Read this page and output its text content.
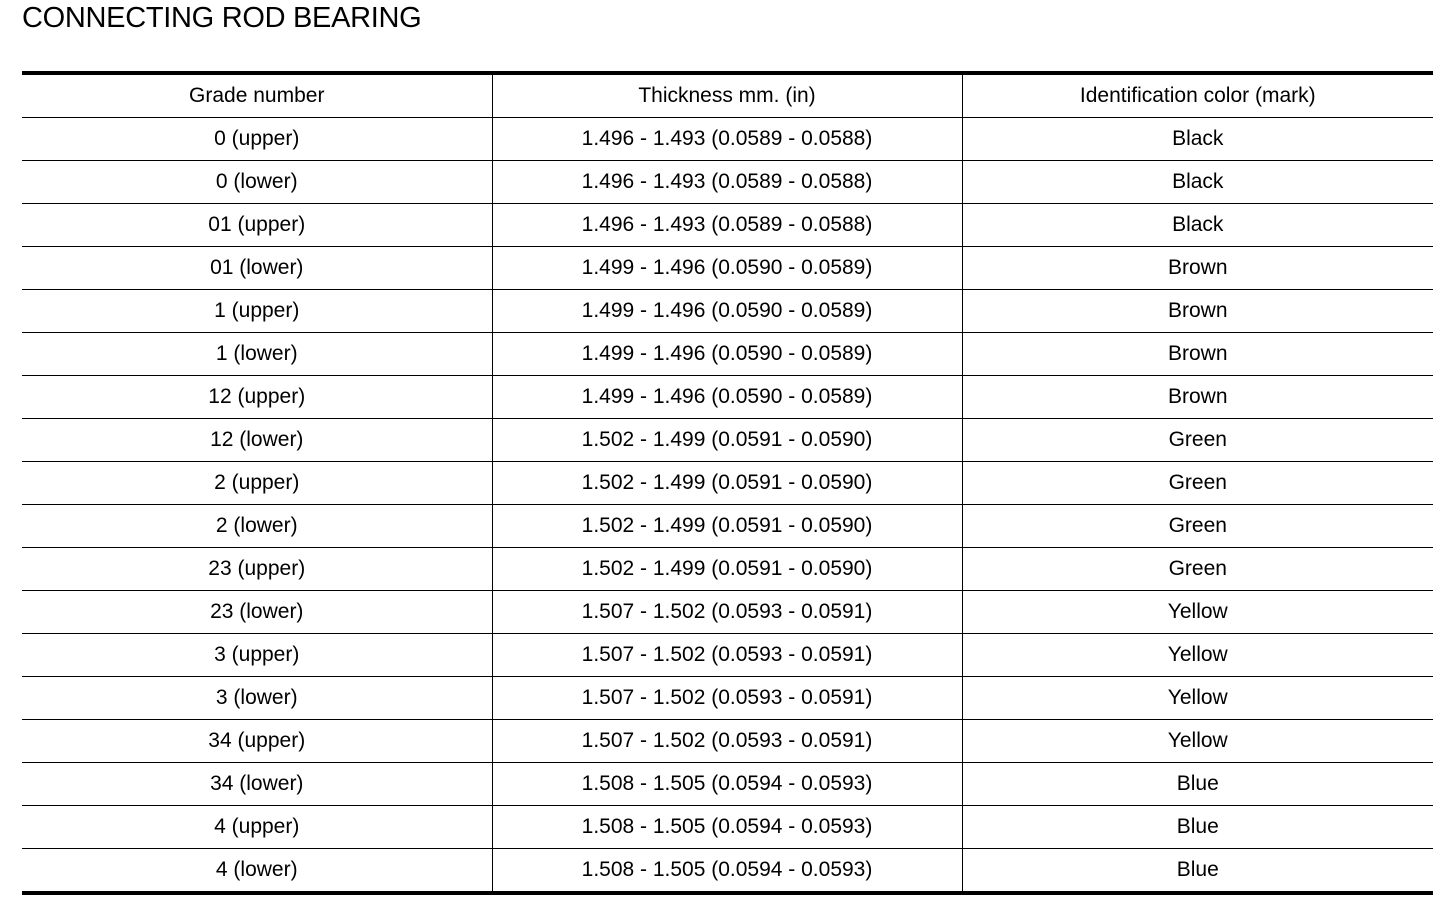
CONNECTING ROD BEARING
Grade number	Thickness mm. (in)	Identification color (mark)
0 (upper)	1.496 - 1.493 (0.0589 - 0.0588)	Black
0 (lower)	1.496 - 1.493 (0.0589 - 0.0588)	Black
01 (upper)	1.496 - 1.493 (0.0589 - 0.0588)	Black
01 (lower)	1.499 - 1.496 (0.0590 - 0.0589)	Brown
1 (upper)	1.499 - 1.496 (0.0590 - 0.0589)	Brown
1 (lower)	1.499 - 1.496 (0.0590 - 0.0589)	Brown
12 (upper)	1.499 - 1.496 (0.0590 - 0.0589)	Brown
12 (lower)	1.502 - 1.499 (0.0591 - 0.0590)	Green
2 (upper)	1.502 - 1.499 (0.0591 - 0.0590)	Green
2 (lower)	1.502 - 1.499 (0.0591 - 0.0590)	Green
23 (upper)	1.502 - 1.499 (0.0591 - 0.0590)	Green
23 (lower)	1.507 - 1.502 (0.0593 - 0.0591)	Yellow
3 (upper)	1.507 - 1.502 (0.0593 - 0.0591)	Yellow
3 (lower)	1.507 - 1.502 (0.0593 - 0.0591)	Yellow
34 (upper)	1.507 - 1.502 (0.0593 - 0.0591)	Yellow
34 (lower)	1.508 - 1.505 (0.0594 - 0.0593)	Blue
4 (upper)	1.508 - 1.505 (0.0594 - 0.0593)	Blue
4 (lower)	1.508 - 1.505 (0.0594 - 0.0593)	Blue
